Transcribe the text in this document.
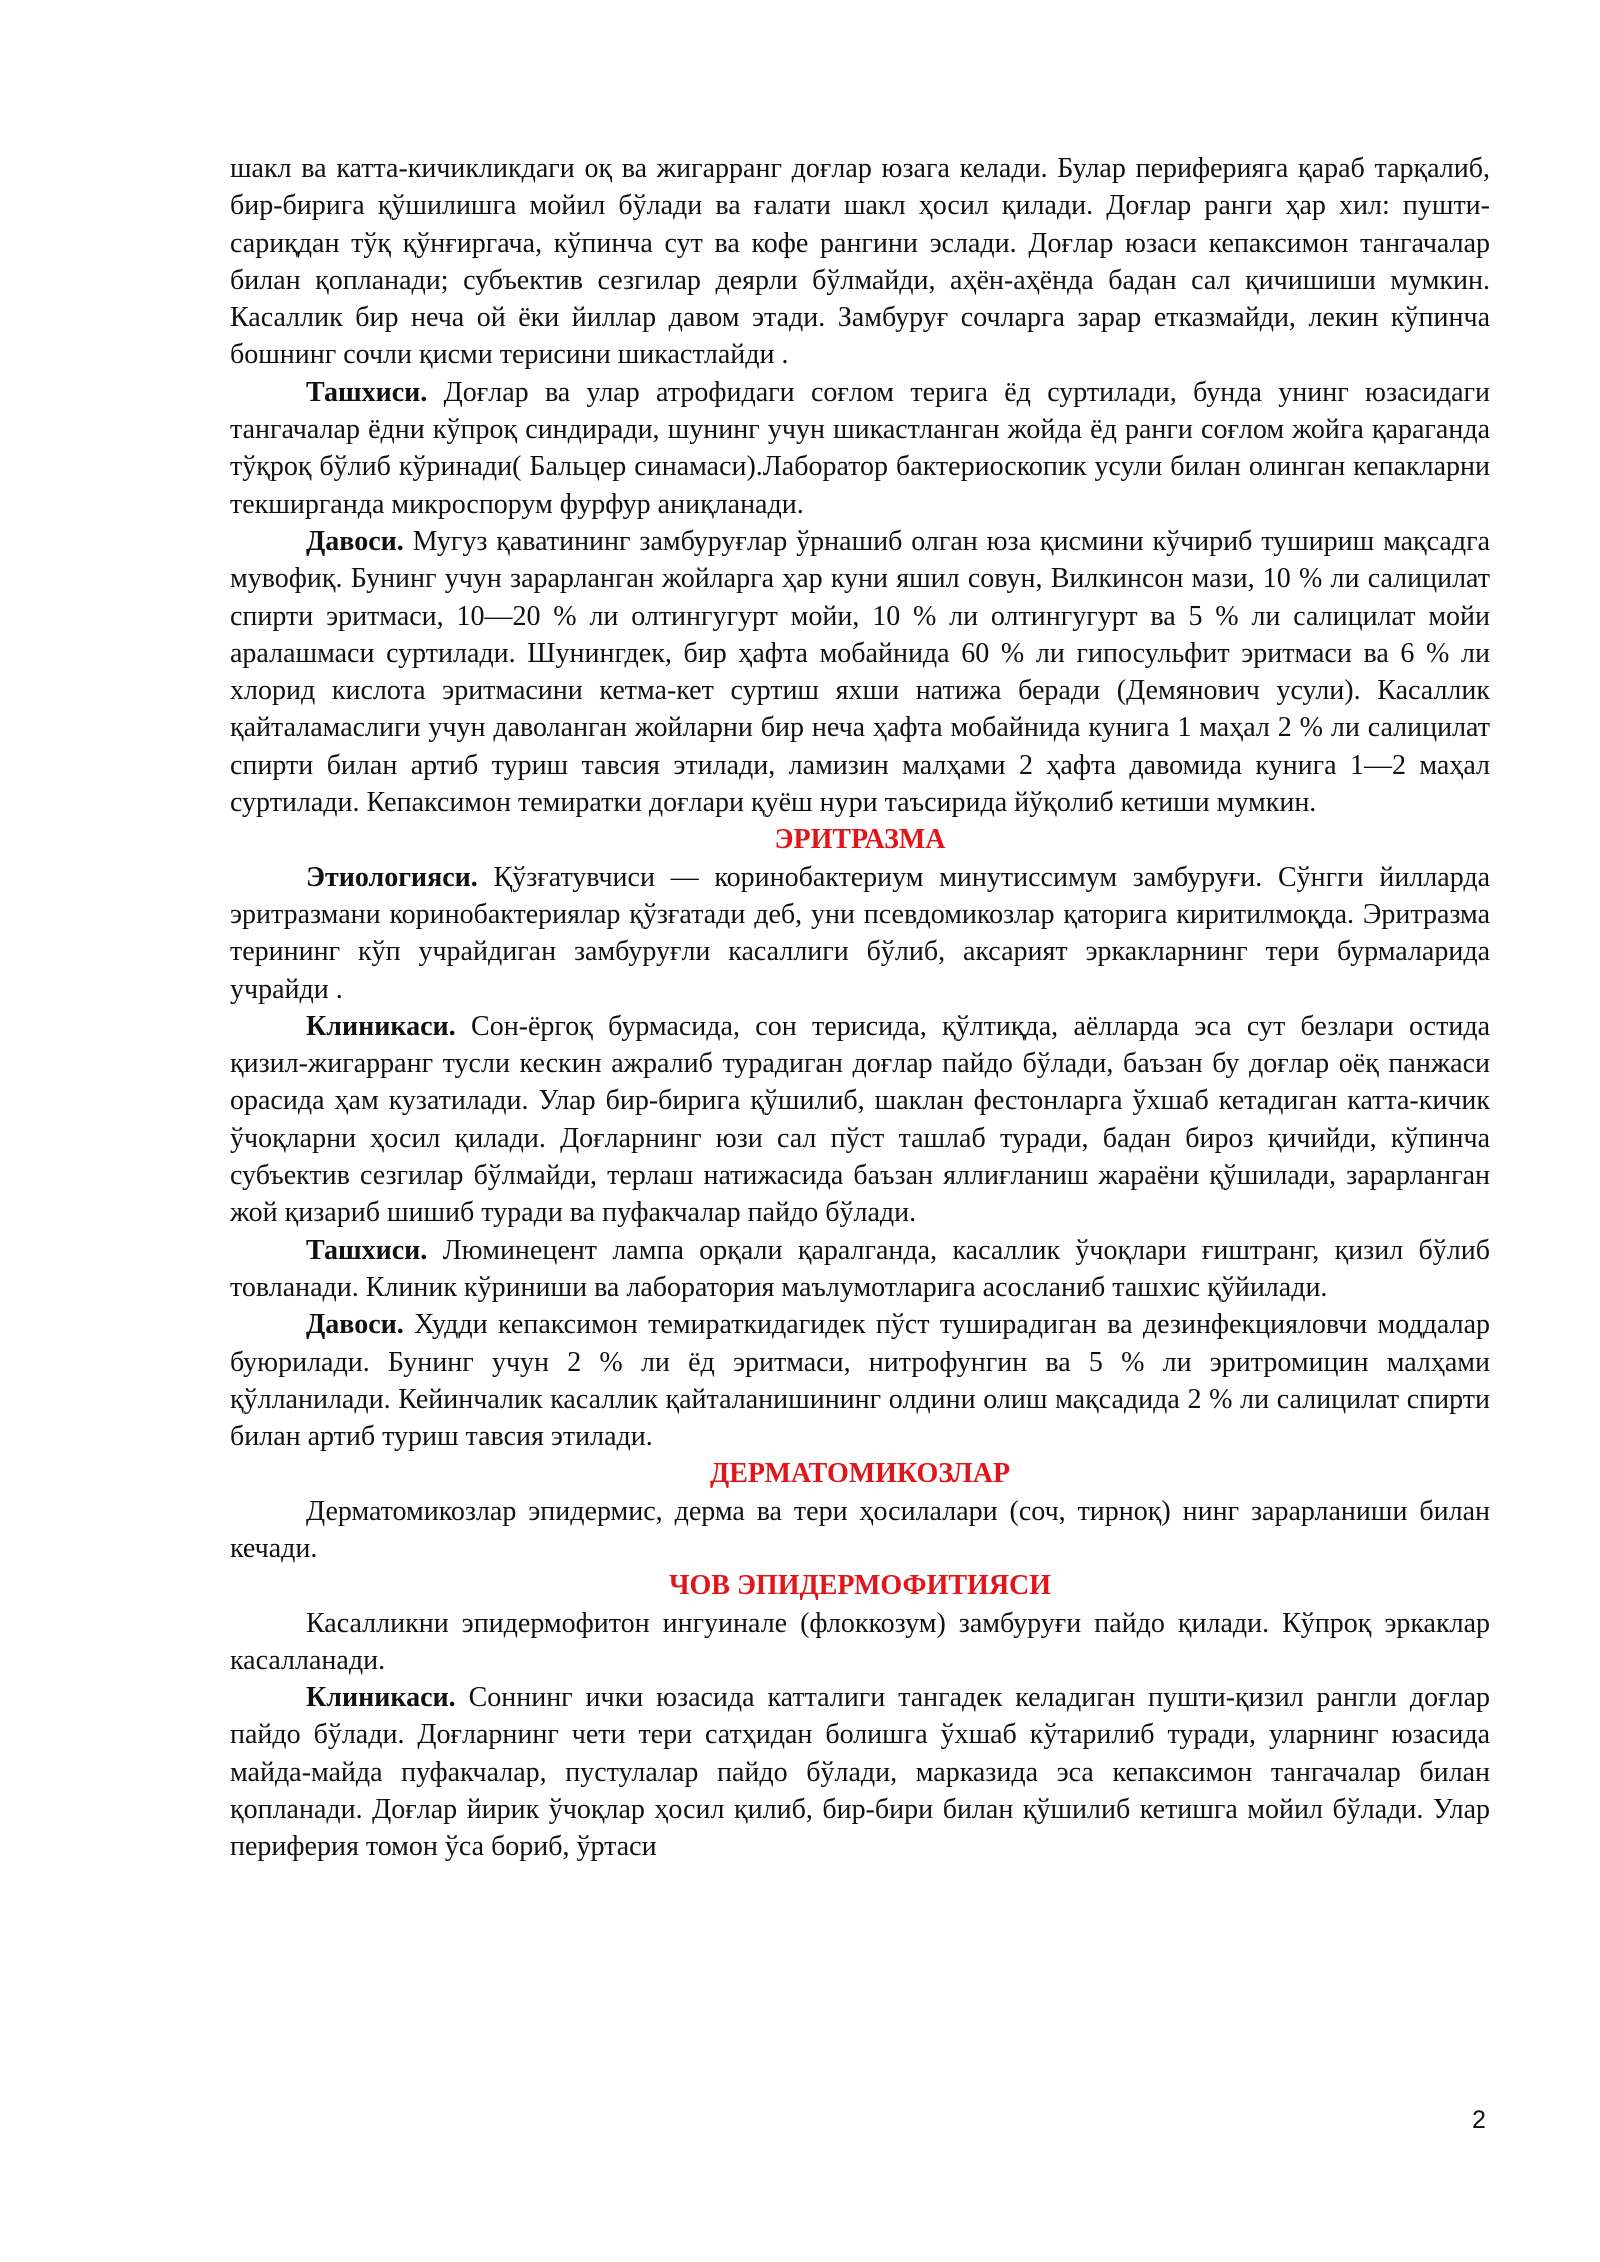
шакл ва катта-кичикликдаги оқ ва жигарранг доғлар юзага келади. Булар периферияга қараб тарқалиб, бир-бирига қўшилишга мойил бўлади ва ғалати шакл ҳосил қилади. Доғлар ранги ҳар хил: пушти-сариқдан тўқ қўнғиргача, кўпинча сут ва кофе рангини эслади. Доғлар юзаси кепаксимон тангачалар билан қопланади; субъектив сезгилар деярли бўлмайди, аҳён-аҳёнда бадан сал қичишиши мумкин. Касаллик бир неча ой ёки йиллар давом этади. Замбуруғ сочларга зарар етказмайди, лекин кўпинча бошнинг сочли қисми терисини шикастлайди .

Ташхиси. Доғлар ва улар атрофидаги соғлом терига ёд суртилади, бунда унинг юзасидаги тангачалар ёдни кўпроқ синдиради, шунинг учун шикастланган жойда ёд ранги соғлом жойга қараганда тўқроқ бўлиб кўринади( Бальцер синамаси).Лаборатор бактериоскопик усули билан олинган кепакларни текширганда микроспорум фурфур аниқланади.

Давоси. Мугуз қаватининг замбуруғлар ўрнашиб олган юза қисмини кўчириб тушириш мақсадга мувофиқ. Бунинг учун зарарланган жойларга ҳар куни яшил совун, Вилкинсон мази, 10 % ли салицилат спирти эритмаси, 10—20 % ли олтингугурт мойи, 10 % ли олтингугурт ва 5 % ли салицилат мойи аралашмаси суртилади. Шунингдек, бир ҳафта мобайнида 60 % ли гипосульфит эритмаси ва 6 % ли хлорид кислота эритмасини кетма-кет суртиш яхши натижа беради (Демянович усули). Касаллик қайталамаслиги учун даволанган жойларни бир неча ҳафта мобайнида кунига 1 маҳал 2 % ли салицилат спирти билан артиб туриш тавсия этилади, ламизин малҳами 2 ҳафта давомида кунига 1—2 маҳал суртилади. Кепаксимон темиратки доғлари қуёш нури таъсирида йўқолиб кетиши мумкин.

ЭРИТРАЗМА

Этиологияси. Қўзғатувчиси — коринобактериум минутиссимум замбуруғи. Сўнгги йилларда эритразмани коринобактериялар қўзғатади деб, уни псевдомикозлар қаторига киритилмоқда. Эритразма терининг кўп учрайдиган замбуруғли касаллиги бўлиб, аксарият эркакларнинг тери бурмаларида учрайди .

Клиникаси. Сон-ёргоқ бурмасида, сон терисида, қўлтиқда, аёлларда эса сут безлари остида қизил-жигарранг тусли кескин ажралиб турадиган доғлар пайдо бўлади, баъзан бу доғлар оёқ панжаси орасида ҳам кузатилади. Улар бир-бирига қўшилиб, шаклан фестонларга ўхшаб кетадиган катта-кичик ўчоқларни ҳосил қилади. Доғларнинг юзи сал пўст ташлаб туради, бадан бироз қичийди, кўпинча субъектив сезгилар бўлмайди, терлаш натижасида баъзан яллиғланиш жараёни қўшилади, зарарланган жой қизариб шишиб туради ва пуфакчалар пайдо бўлади.

Ташхиси. Люминецент лампа орқали қаралганда, касаллик ўчоқлари ғиштранг, қизил бўлиб товланади. Клиник кўриниши ва лаборатория маълумотларига асосланиб ташхис қўйилади.

Давоси. Худди кепаксимон темираткидагидек пўст туширадиган ва дезинфекцияловчи моддалар буюрилади. Бунинг учун 2 % ли ёд эритмаси, нитрофунгин ва 5 % ли эритромицин малҳами қўлланилади. Кейинчалик касаллик қайталанишининг олдини олиш мақсадида 2 % ли салицилат спирти билан артиб туриш тавсия этилади.

ДЕРМАТОМИКОЗЛАР

Дерматомикозлар эпидермис, дерма ва тери ҳосилалари (соч, тирноқ) нинг зарарланиши билан кечади.

ЧОВ ЭПИДЕРМОФИТИЯСИ

Касалликни эпидермофитон ингуинале (флоккозум) замбуруғи пайдо қилади. Кўпроқ эркаклар касалланади.

Клиникаси. Соннинг ички юзасида катталиги тангадек келадиган пушти-қизил рангли доғлар пайдо бўлади. Доғларнинг чети тери сатҳидан болишга ўхшаб кўтарилиб туради, уларнинг юзасида майда-майда пуфакчалар, пустулалар пайдо бўлади, марказида эса кепаксимон тангачалар билан қопланади. Доғлар йирик ўчоқлар ҳосил қилиб, бир-бири билан қўшилиб кетишга мойил бўлади. Улар периферия томон ўса бориб, ўртаси

2
